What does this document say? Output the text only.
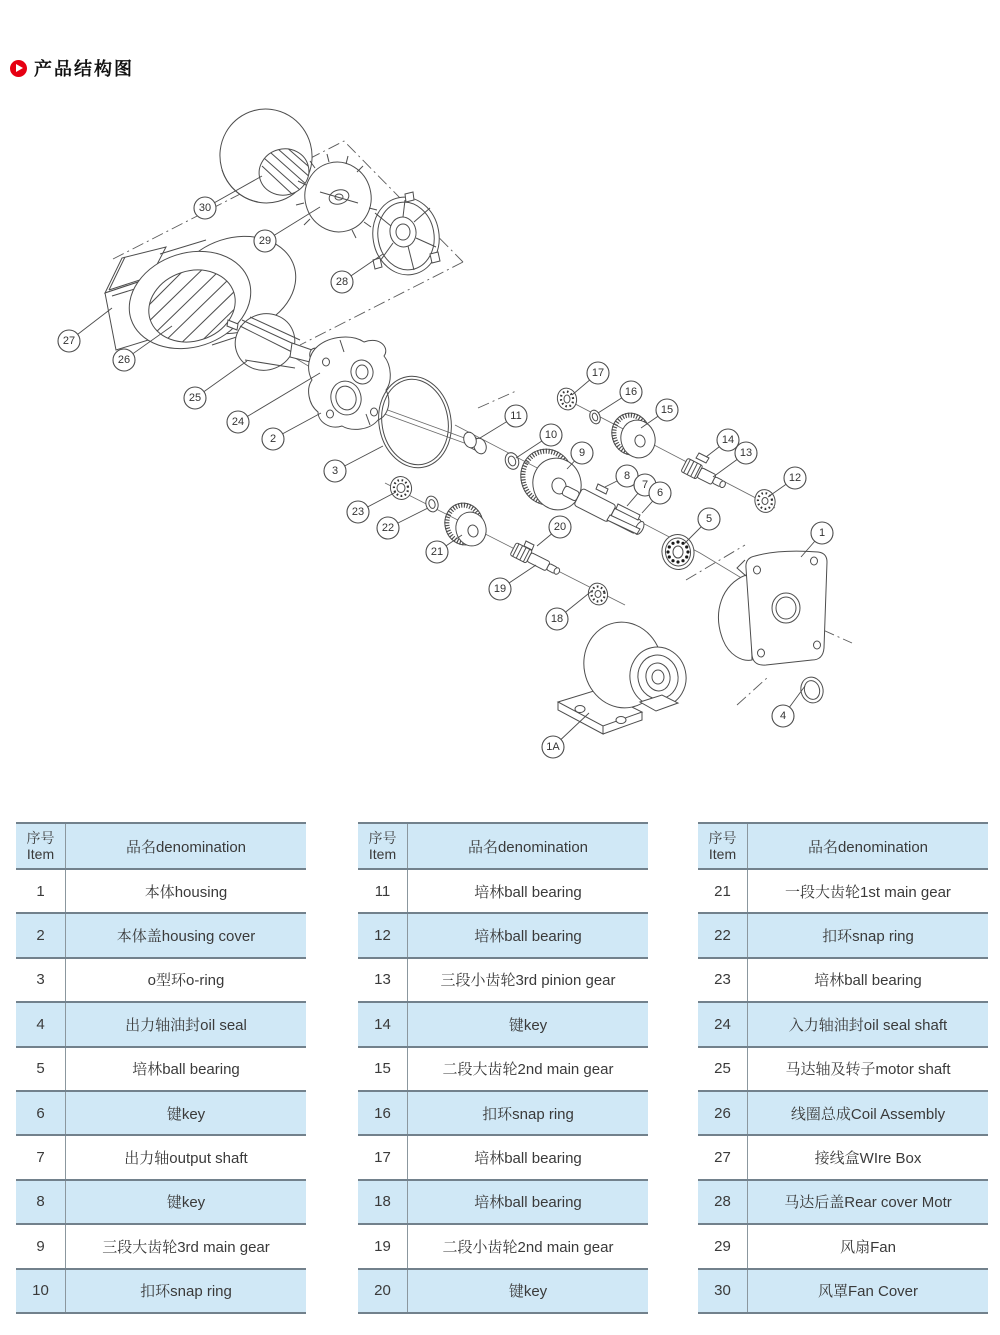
产品结构图
30
29
28
27
26
25
24
2
3
23
22
21
19
18
20
11
10
9
17
16
15
14
13
12
8
7
6
5
1
4
1A
序号
Item	品名denomination
1	本体housing
2	本体盖housing cover
3	o型环o-ring
4	出力轴油封oil seal
5	培林ball bearing
6	键key
7	出力轴output shaft
8	键key
9	三段大齿轮3rd main gear
10	扣环snap ring
序号
Item	品名denomination
11	培林ball bearing
12	培林ball bearing
13	三段小齿轮3rd pinion gear
14	键key
15	二段大齿轮2nd main gear
16	扣环snap ring
17	培林ball bearing
18	培林ball bearing
19	二段小齿轮2nd main gear
20	键key
序号
Item	品名denomination
21	一段大齿轮1st main gear
22	扣环snap ring
23	培林ball bearing
24	入力轴油封oil seal shaft
25	马达轴及转子motor shaft
26	线圈总成Coil Assembly
27	接线盒WIre Box
28	马达后盖Rear cover Motr
29	风扇Fan
30	风罩Fan Cover
